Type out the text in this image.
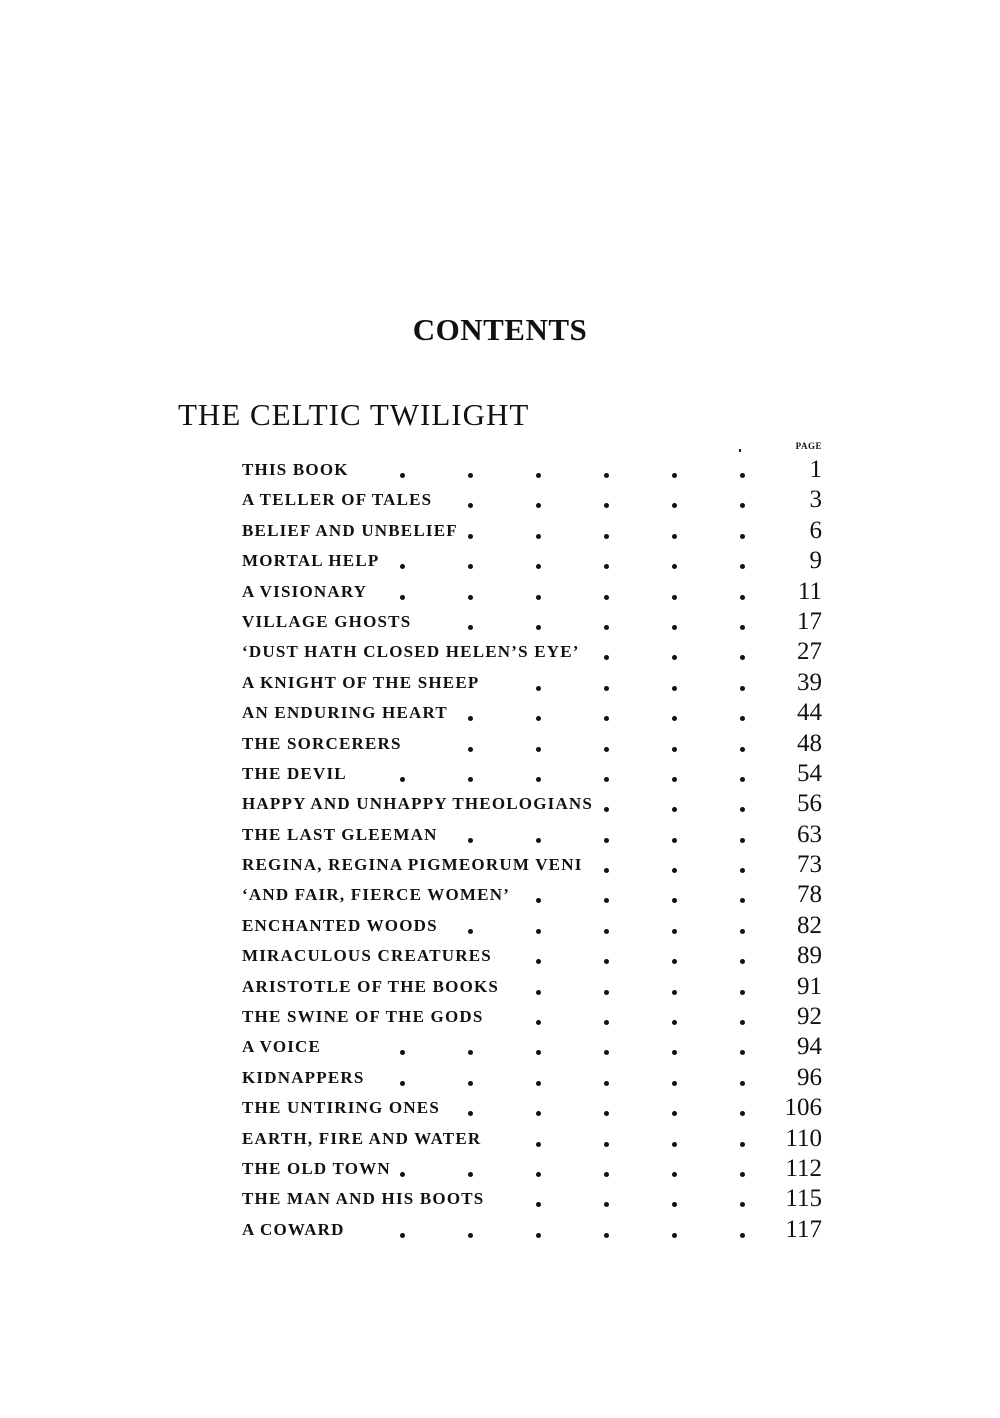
CONTENTS
THE CELTIC TWILIGHT
PAGE
THIS BOOK	1
A TELLER OF TALES	3
BELIEF AND UNBELIEF	6
MORTAL HELP	9
A VISIONARY	11
VILLAGE GHOSTS	17
‘DUST HATH CLOSED HELEN’S EYE’	27
A KNIGHT OF THE SHEEP	39
AN ENDURING HEART	44
THE SORCERERS	48
THE DEVIL	54
HAPPY AND UNHAPPY THEOLOGIANS	56
THE LAST GLEEMAN	63
REGINA, REGINA PIGMEORUM VENI	73
‘AND FAIR, FIERCE WOMEN’	78
ENCHANTED WOODS	82
MIRACULOUS CREATURES	89
ARISTOTLE OF THE BOOKS	91
THE SWINE OF THE GODS	92
A VOICE	94
KIDNAPPERS	96
THE UNTIRING ONES	106
EARTH, FIRE AND WATER	110
THE OLD TOWN	112
THE MAN AND HIS BOOTS	115
A COWARD	117
